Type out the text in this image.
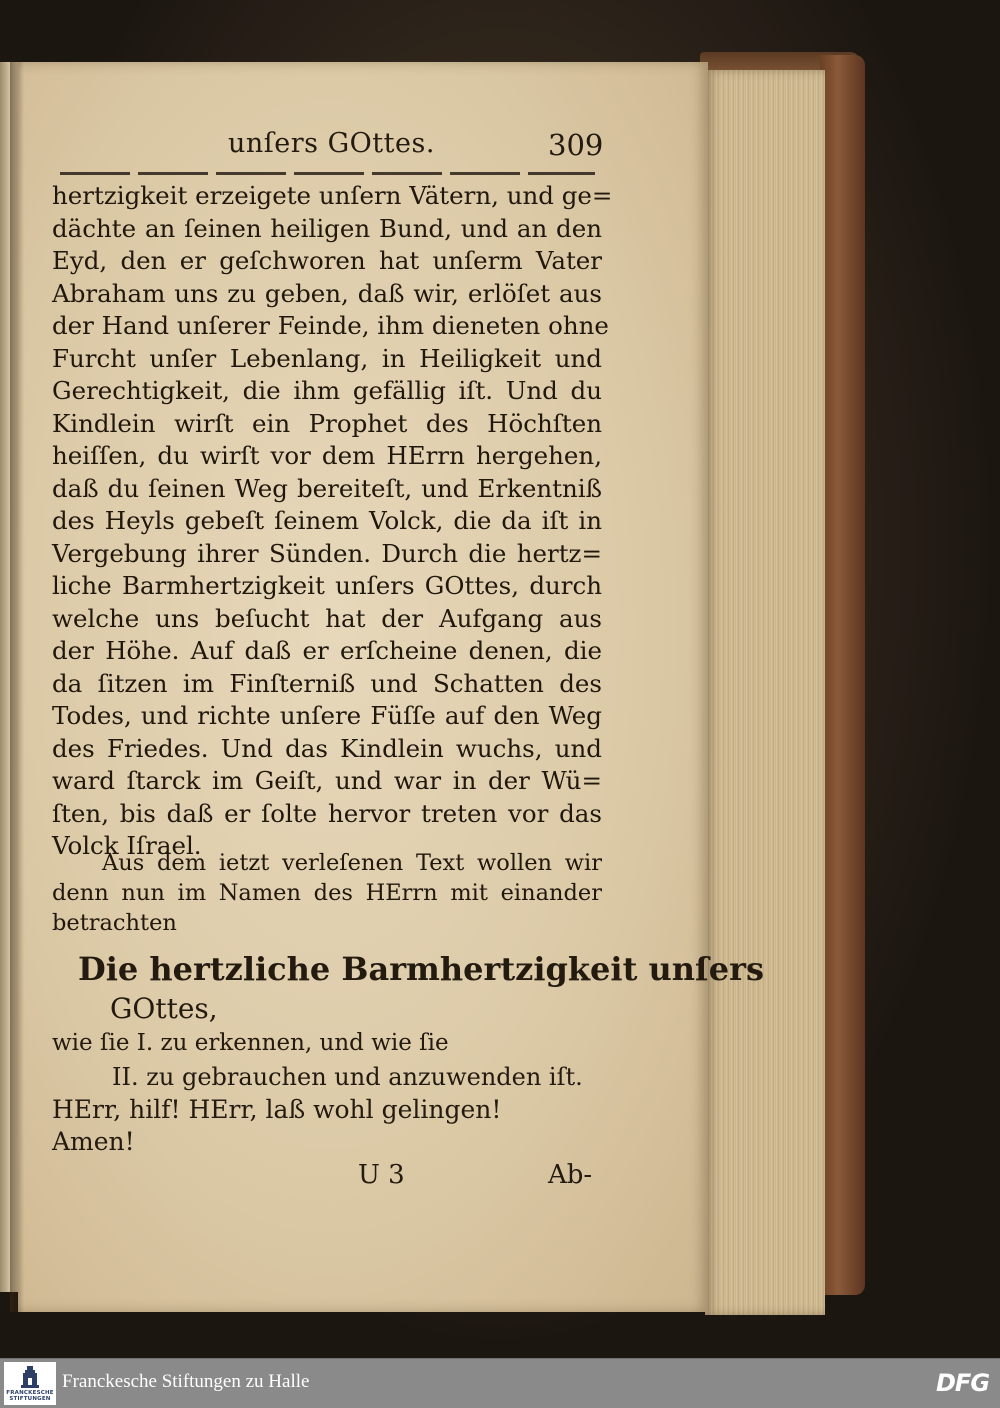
unſers GOttes.	309
hertzigkeit erzeigete unſern Vätern, und ge=
dächte an ſeinen heiligen Bund, und an den
Eyd, den er geſchworen hat unſerm Vater
Abraham uns zu geben, daß wir, erlöſet aus
der Hand unſerer Feinde, ihm dieneten ohne
Furcht unſer Lebenlang, in Heiligkeit und
Gerechtigkeit, die ihm gefällig iſt. Und du
Kindlein wirſt ein Prophet des Höchſten
heiſſen, du wirſt vor dem HErrn hergehen,
daß du ſeinen Weg bereiteſt, und Erkentniß
des Heyls gebeſt ſeinem Volck, die da iſt in
Vergebung ihrer Sünden. Durch die hertz=
liche Barmhertzigkeit unſers GOttes, durch
welche uns beſucht hat der Aufgang aus
der Höhe. Auf daß er erſcheine denen, die
da ſitzen im Finſterniß und Schatten des
Todes, und richte unſere Füſſe auf den Weg
des Friedes. Und das Kindlein wuchs, und
ward ſtarck im Geiſt, und war in der Wü=
ſten, bis daß er ſolte hervor treten vor das
Volck Iſrael.
Aus dem ietzt verleſenen Text wollen wir
denn nun im Namen des HErrn mit einander
betrachten
Die hertzliche Barmhertzigkeit unſers
GOttes,
wie ſie I. zu erkennen, und wie ſie
II. zu gebrauchen und anzuwenden iſt.
HErr, hilf! HErr, laß wohl gelingen!
Amen!
U 3	Ab-
FRANCKESCHE STIFTUNGEN
Franckesche Stiftungen zu Halle	DFG
